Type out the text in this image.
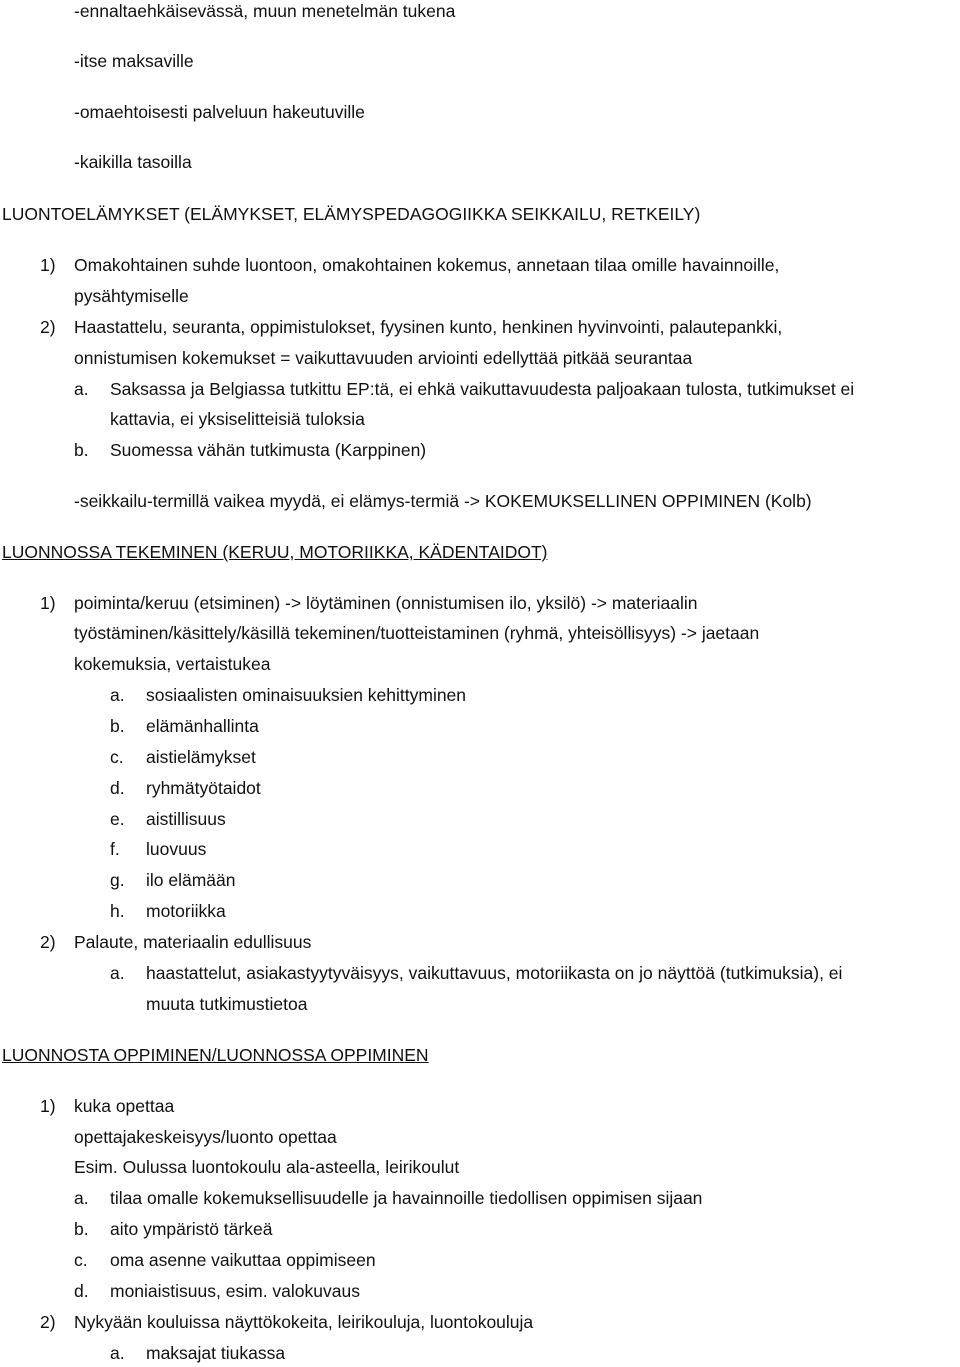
-ennaltaehkäisevässä, muun menetelmän tukena
-itse maksaville
-omaehtoisesti palveluun hakeutuville
-kaikilla tasoilla
LUONTOELÄMYKSET (ELÄMYKSET, ELÄMYSPEDAGOGIIKKA SEIKKAILU, RETKEILY)
1) Omakohtainen suhde luontoon, omakohtainen kokemus, annetaan tilaa omille havainnoille,
pysähtymiselle
2) Haastattelu, seuranta, oppimistulokset, fyysinen kunto, henkinen hyvinvointi, palautepankki,
onnistumisen kokemukset = vaikuttavuuden arviointi edellyttää pitkää seurantaa
a. Saksassa ja Belgiassa tutkittu EP:tä, ei ehkä vaikuttavuudesta paljoakaan tulosta, tutkimukset ei
kattavia, ei yksiselitteisiä tuloksia
b. Suomessa vähän tutkimusta (Karppinen)
-seikkailu-termillä vaikea myydä, ei elämys-termiä -> KOKEMUKSELLINEN OPPIMINEN (Kolb)
LUONNOSSA TEKEMINEN (KERUU, MOTORIIKKA, KÄDENTAIDOT)
1) poiminta/keruu (etsiminen) -> löytäminen (onnistumisen ilo, yksilö) -> materiaalin
työstäminen/käsittely/käsillä tekeminen/tuotteistaminen (ryhmä, yhteisöllisyys) -> jaetaan
kokemuksia, vertaistukea
a. sosiaalisten ominaisuuksien kehittyminen
b. elämänhallinta
c. aistielämykset
d. ryhmätyötaidot
e. aistillisuus
f. luovuus
g. ilo elämään
h. motoriikka
2) Palaute, materiaalin edullisuus
a. haastattelut, asiakastyytyväisyys, vaikuttavuus, motoriikasta on jo näyttöä (tutkimuksia), ei
muuta tutkimustietoa
LUONNOSTA OPPIMINEN/LUONNOSSA OPPIMINEN
1) kuka opettaa
opettajakeskeisyys/luonto opettaa
Esim. Oulussa luontokoulu ala-asteella, leirikoulut
a. tilaa omalle kokemuksellisuudelle ja havainnoille tiedollisen oppimisen sijaan
b. aito ympäristö tärkeä
c. oma asenne vaikuttaa oppimiseen
d. moniaistisuus, esim. valokuvaus
2) Nykyään kouluissa näyttökokeita, leirikouluja, luontokouluja
a. maksajat tiukassa
